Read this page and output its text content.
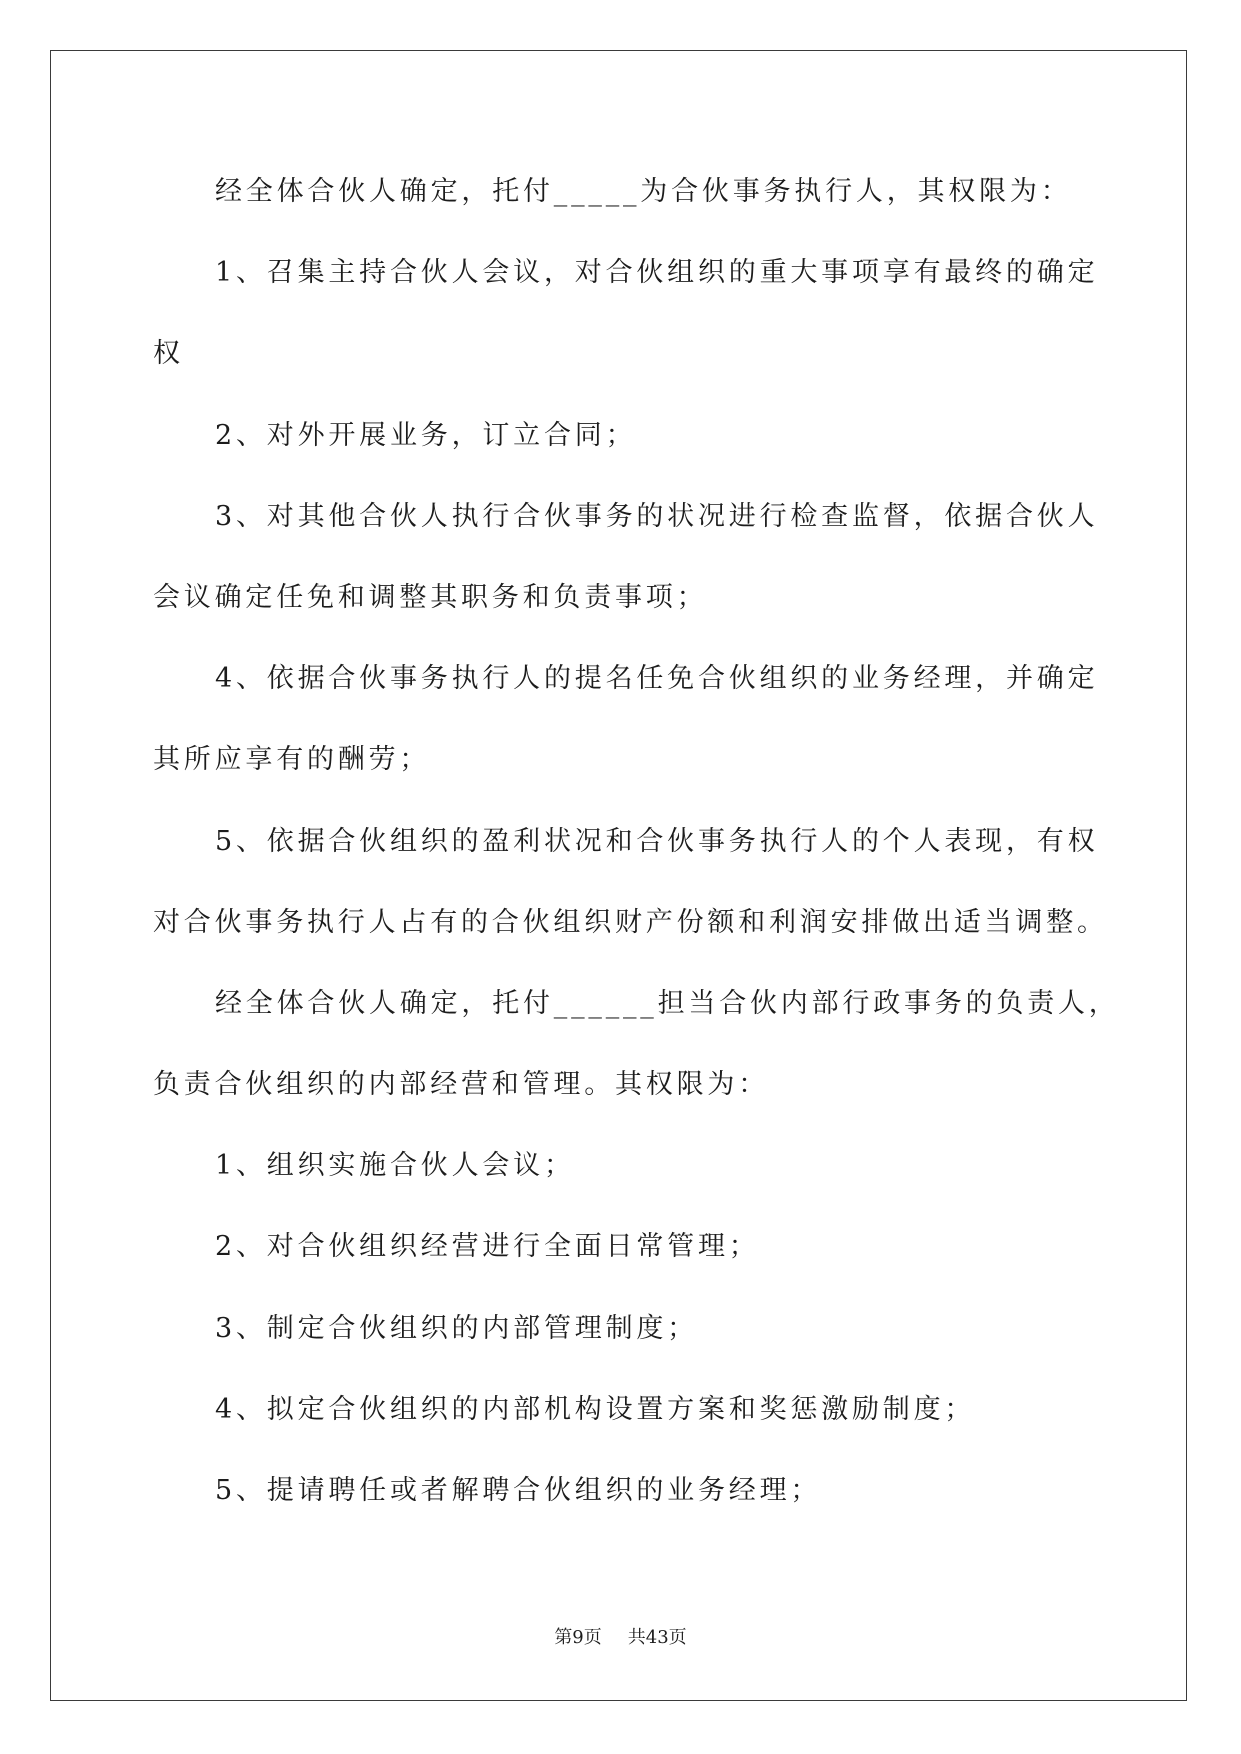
经全体合伙人确定，托付_____为合伙事务执行人，其权限为：
1、召集主持合伙人会议，对合伙组织的重大事项享有最终的确定
权
2、对外开展业务，订立合同；
3、对其他合伙人执行合伙事务的状况进行检查监督，依据合伙人
会议确定任免和调整其职务和负责事项；
4、依据合伙事务执行人的提名任免合伙组织的业务经理，并确定
其所应享有的酬劳；
5、依据合伙组织的盈利状况和合伙事务执行人的个人表现，有权
对合伙事务执行人占有的合伙组织财产份额和利润安排做出适当调整。
经全体合伙人确定，托付______担当合伙内部行政事务的负责人，
负责合伙组织的内部经营和管理。其权限为：
1、组织实施合伙人会议；
2、对合伙组织经营进行全面日常管理；
3、制定合伙组织的内部管理制度；
4、拟定合伙组织的内部机构设置方案和奖惩激励制度；
5、提请聘任或者解聘合伙组织的业务经理；
第9页 共43页
